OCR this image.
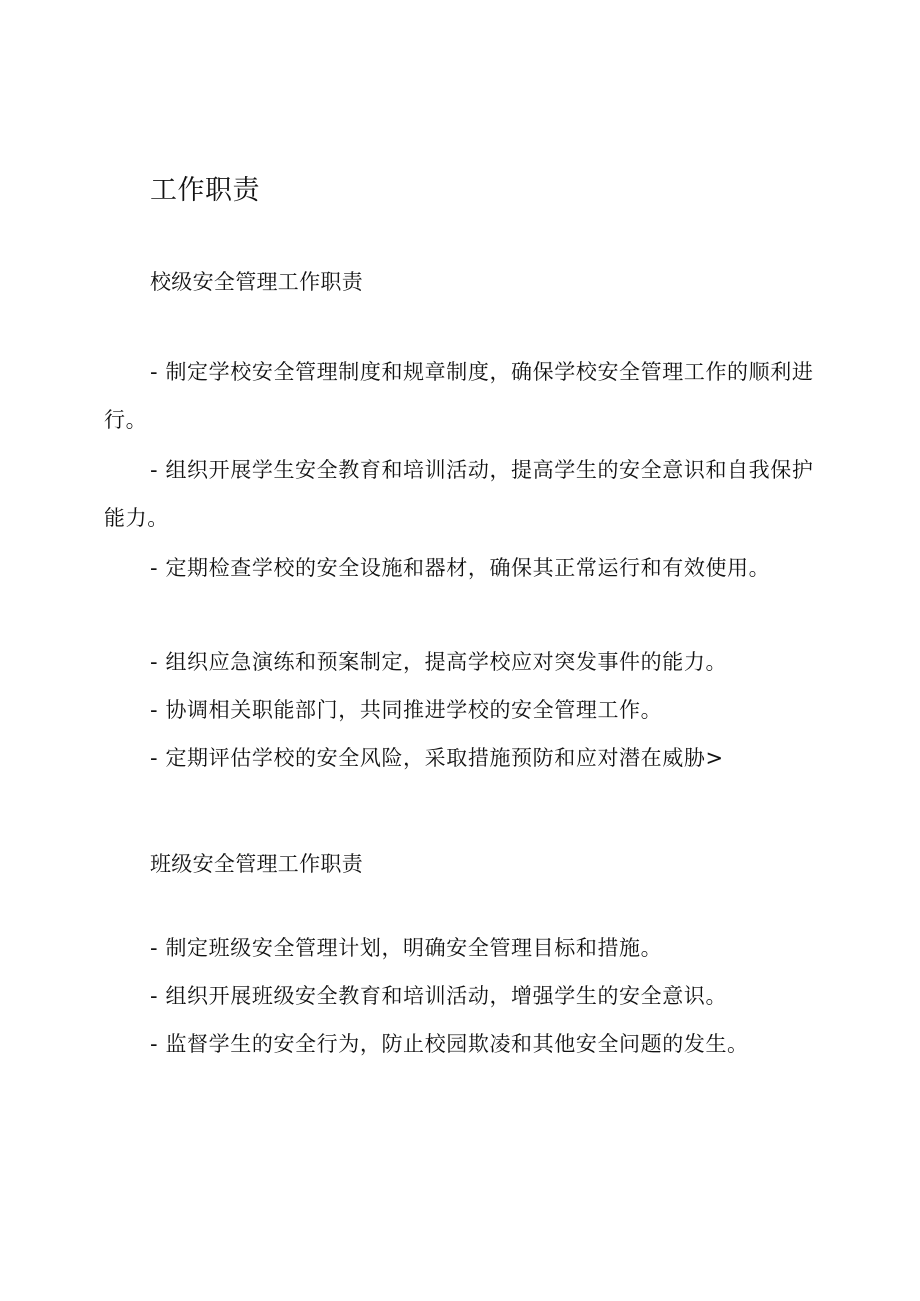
工作职责
校级安全管理工作职责

- 制定学校安全管理制度和规章制度，确保学校安全管理工作的顺利进行。

- 组织开展学生安全教育和培训活动，提高学生的安全意识和自我保护能力。

- 定期检查学校的安全设施和器材，确保其正常运行和有效使用。

- 组织应急演练和预案制定，提高学校应对突发事件的能力。

- 协调相关职能部门，共同推进学校的安全管理工作。

- 定期评估学校的安全风险，采取措施预防和应对潜在威胁>

班级安全管理工作职责

- 制定班级安全管理计划，明确安全管理目标和措施。

- 组织开展班级安全教育和培训活动，增强学生的安全意识。

- 监督学生的安全行为，防止校园欺凌和其他安全问题的发生。
